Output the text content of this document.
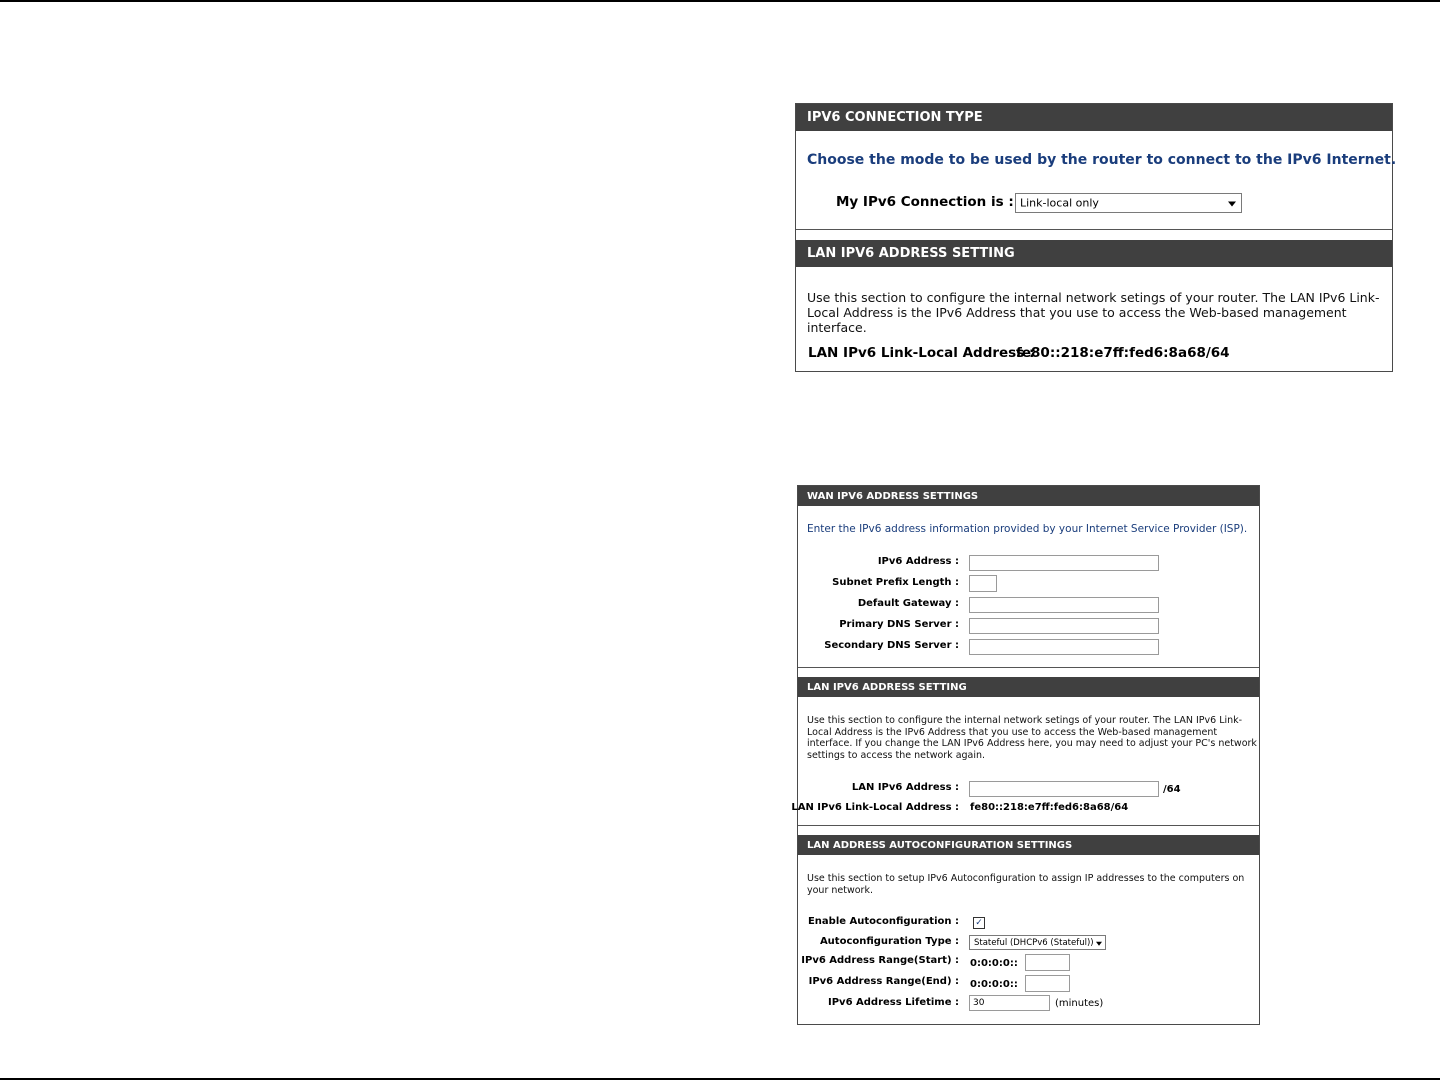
IPV6 CONNECTION TYPE
Choose the mode to be used by the router to connect to the IPv6 Internet.
My IPv6 Connection is : Link-local only
LAN IPV6 ADDRESS SETTING
Use this section to configure the internal network setings of your router. The LAN IPv6 Link-Local Address is the IPv6 Address that you use to access the Web-based management interface.
LAN IPv6 Link-Local Address :
fe80::218:e7ff:fed6:8a68/64
WAN IPV6 ADDRESS SETTINGS
Enter the IPv6 address information provided by your Internet Service Provider (ISP).
IPv6 Address :
Subnet Prefix Length :
Default Gateway :
Primary DNS Server :
Secondary DNS Server :
LAN IPV6 ADDRESS SETTING
Use this section to configure the internal network setings of your router. The LAN IPv6 Link-Local Address is the IPv6 Address that you use to access the Web-based management interface. If you change the LAN IPv6 Address here, you may need to adjust your PC's network settings to access the network again.
LAN IPv6 Address :	/64
LAN IPv6 Link-Local Address : fe80::218:e7ff:fed6:8a68/64
LAN ADDRESS AUTOCONFIGURATION SETTINGS
Use this section to setup IPv6 Autoconfiguration to assign IP addresses to the computers on your network.
Enable Autoconfiguration : ✓
Autoconfiguration Type : Stateful (DHCPv6 (Stateful))
IPv6 Address Range(Start) : 0:0:0:0::
IPv6 Address Range(End) : 0:0:0:0::
IPv6 Address Lifetime :
30	(minutes)
